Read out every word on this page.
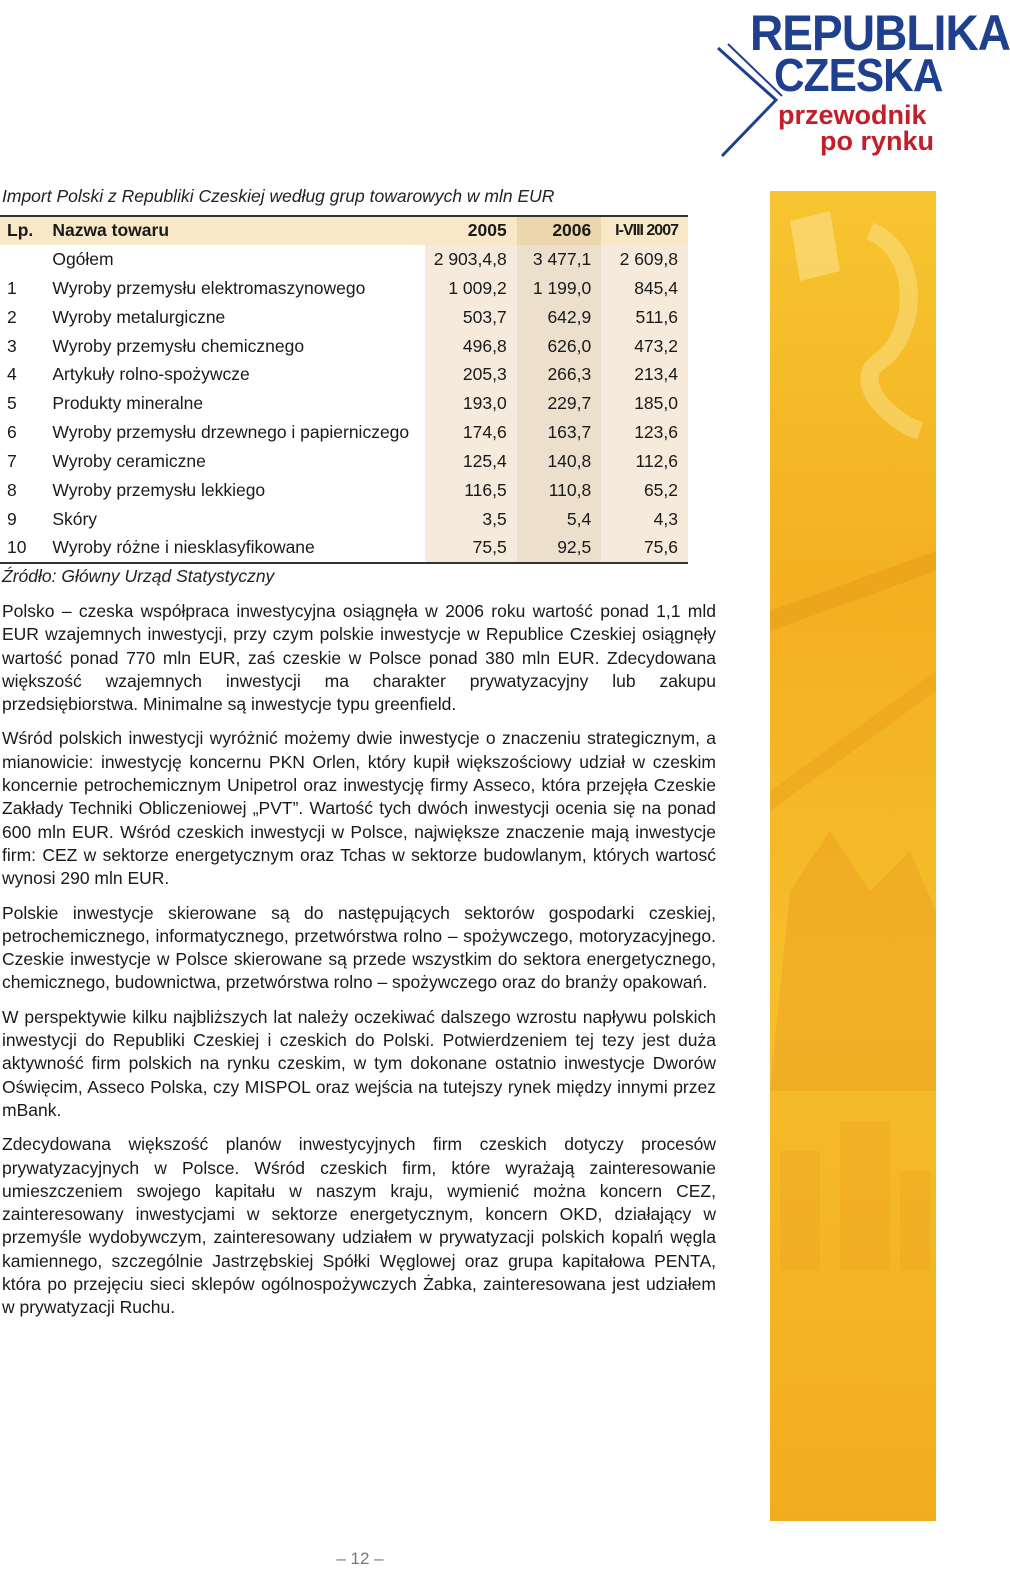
REPUBLIKA
CZESKA
przewodnik
po rynku
Import Polski z Republiki Czeskiej według grup towarowych w mln EUR
Lp.	Nazwa towaru	2005	2006	I-VIII 2007
	Ogółem	2 903,4,8	3 477,1	2 609,8
1	Wyroby przemysłu elektromaszynowego	1 009,2	1 199,0	845,4
2	Wyroby metalurgiczne	503,7	642,9	511,6
3	Wyroby przemysłu chemicznego	496,8	626,0	473,2
4	Artykuły rolno-spożywcze	205,3	266,3	213,4
5	Produkty mineralne	193,0	229,7	185,0
6	Wyroby przemysłu drzewnego i papierniczego	174,6	163,7	123,6
7	Wyroby ceramiczne	125,4	140,8	112,6
8	Wyroby przemysłu lekkiego	116,5	110,8	65,2
9	Skóry	3,5	5,4	4,3
10	Wyroby różne i niesklasyfikowane	75,5	92,5	75,6
Źródło: Główny Urząd Statystyczny

Polsko – czeska współpraca inwestycyjna osiągnęła w 2006 roku wartość ponad 1,1 mld EUR wzajemnych inwestycji, przy czym polskie inwestycje w Republice Czeskiej osiągnęły wartość ponad 770 mln EUR, zaś czeskie w Polsce ponad 380 mln EUR. Zdecydowana większość wzajemnych inwestycji ma charakter prywatyzacyjny lub zakupu przedsiębiorstwa. Minimalne są inwestycje typu greenfield.

Wśród polskich inwestycji wyróżnić możemy dwie inwestycje o znaczeniu strategicznym, a mianowicie: inwestycję koncernu PKN Orlen, który kupił większościowy udział w czeskim koncernie petrochemicznym Unipetrol oraz inwestycję firmy Asseco, która przejęła Czeskie Zakłady Techniki Obliczeniowej „PVT”. Wartość tych dwóch inwestycji ocenia się na ponad 600 mln EUR. Wśród czeskich inwestycji w Polsce, największe znaczenie mają inwestycje firm: CEZ w sektorze energetycznym oraz Tchas w sektorze budowlanym, których wartosć wynosi 290 mln EUR.

Polskie inwestycje skierowane są do następujących sektorów gospodarki czeskiej, petrochemicznego, informatycznego, przetwórstwa rolno – spożywczego, motoryzacyjnego. Czeskie inwestycje w Polsce skierowane są przede wszystkim do sektora energetycznego, chemicznego, budownictwa, przetwórstwa rolno – spożywczego oraz do branży opakowań.

W perspektywie kilku najbliższych lat należy oczekiwać dalszego wzrostu napływu polskich inwestycji do Republiki Czeskiej i czeskich do Polski. Potwierdzeniem tej tezy jest duża aktywność firm polskich na rynku czeskim, w tym dokonane ostatnio inwestycje Dworów Oświęcim, Asseco Polska, czy MISPOL oraz wejścia na tutejszy rynek między innymi przez mBank.

Zdecydowana większość planów inwestycyjnych firm czeskich dotyczy procesów prywatyzacyjnych w Polsce. Wśród czeskich firm, które wyrażają zainteresowanie umieszczeniem swojego kapitału w naszym kraju, wymienić można koncern CEZ, zainteresowany inwestycjami w sektorze energetycznym, koncern OKD, działający w przemyśle wydobywczym, zainteresowany udziałem w prywatyzacji polskich kopalń węgla kamiennego, szczególnie Jastrzębskiej Spółki Węglowej oraz grupa kapitałowa PENTA, która po przejęciu sieci sklepów ogólnospożywczych Żabka, zainteresowana jest udziałem w prywatyzacji Ruchu.

– 12 –
